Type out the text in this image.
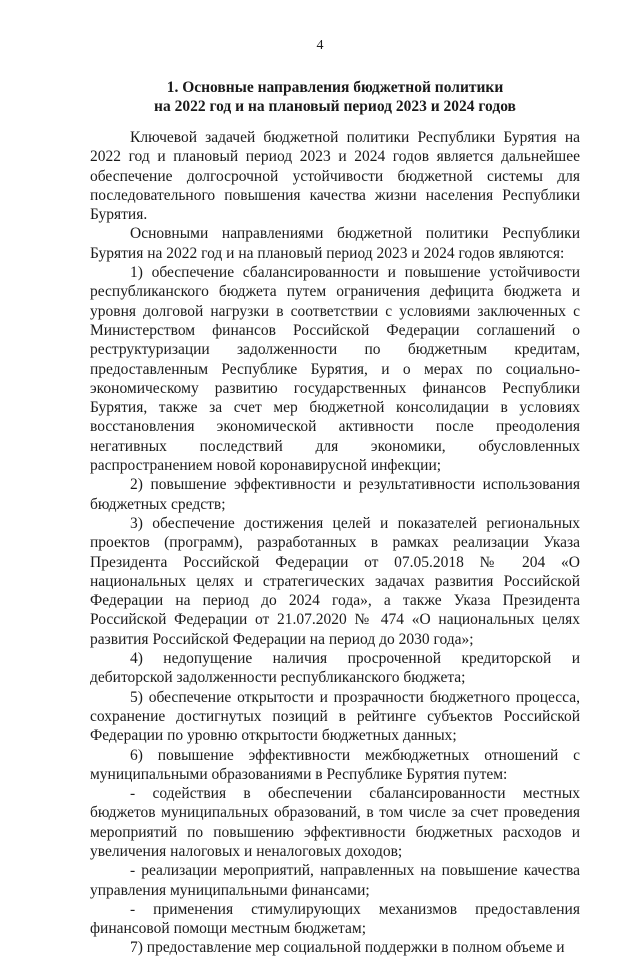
4
1. Основные направления бюджетной политики
на 2022 год и на плановый период 2023 и 2024 годов

Ключевой задачей бюджетной политики Республики Бурятия на 2022 год и плановый период 2023 и 2024 годов является дальнейшее обеспечение долгосрочной устойчивости бюджетной системы для последовательного повышения качества жизни населения Республики Бурятия.

Основными направлениями бюджетной политики Республики Бурятия на 2022 год и на плановый период 2023 и 2024 годов являются:

1) обеспечение сбалансированности и повышение устойчивости республиканского бюджета путем ограничения дефицита бюджета и уровня долговой нагрузки в соответствии с условиями заключенных с Министерством финансов Российской Федерации соглашений о реструктуризации задолженности по бюджетным кредитам, предоставленным Республике Бурятия, и о мерах по социально-экономическому развитию государственных финансов Республики Бурятия, также за счет мер бюджетной консолидации в условиях восстановления экономической активности после преодоления негативных последствий для экономики, обусловленных распространением новой коронавирусной инфекции;

2) повышение эффективности и результативности использования бюджетных средств;

3) обеспечение достижения целей и показателей региональных проектов (программ), разработанных в рамках реализации Указа Президента Российской Федерации от 07.05.2018 № 204 «О национальных целях и стратегических задачах развития Российской Федерации на период до 2024 года», а также Указа Президента Российской Федерации от 21.07.2020 № 474 «О национальных целях развития Российской Федерации на период до 2030 года»;

4) недопущение наличия просроченной кредиторской и дебиторской задолженности республиканского бюджета;

5) обеспечение открытости и прозрачности бюджетного процесса, сохранение достигнутых позиций в рейтинге субъектов Российской Федерации по уровню открытости бюджетных данных;

6) повышение эффективности межбюджетных отношений с муниципальными образованиями в Республике Бурятия путем:

- содействия в обеспечении сбалансированности местных бюджетов муниципальных образований, в том числе за счет проведения мероприятий по повышению эффективности бюджетных расходов и увеличения налоговых и неналоговых доходов;

- реализации мероприятий, направленных на повышение качества управления муниципальными финансами;

- применения стимулирующих механизмов предоставления финансовой помощи местным бюджетам;

7) предоставление мер социальной поддержки в полном объеме и
